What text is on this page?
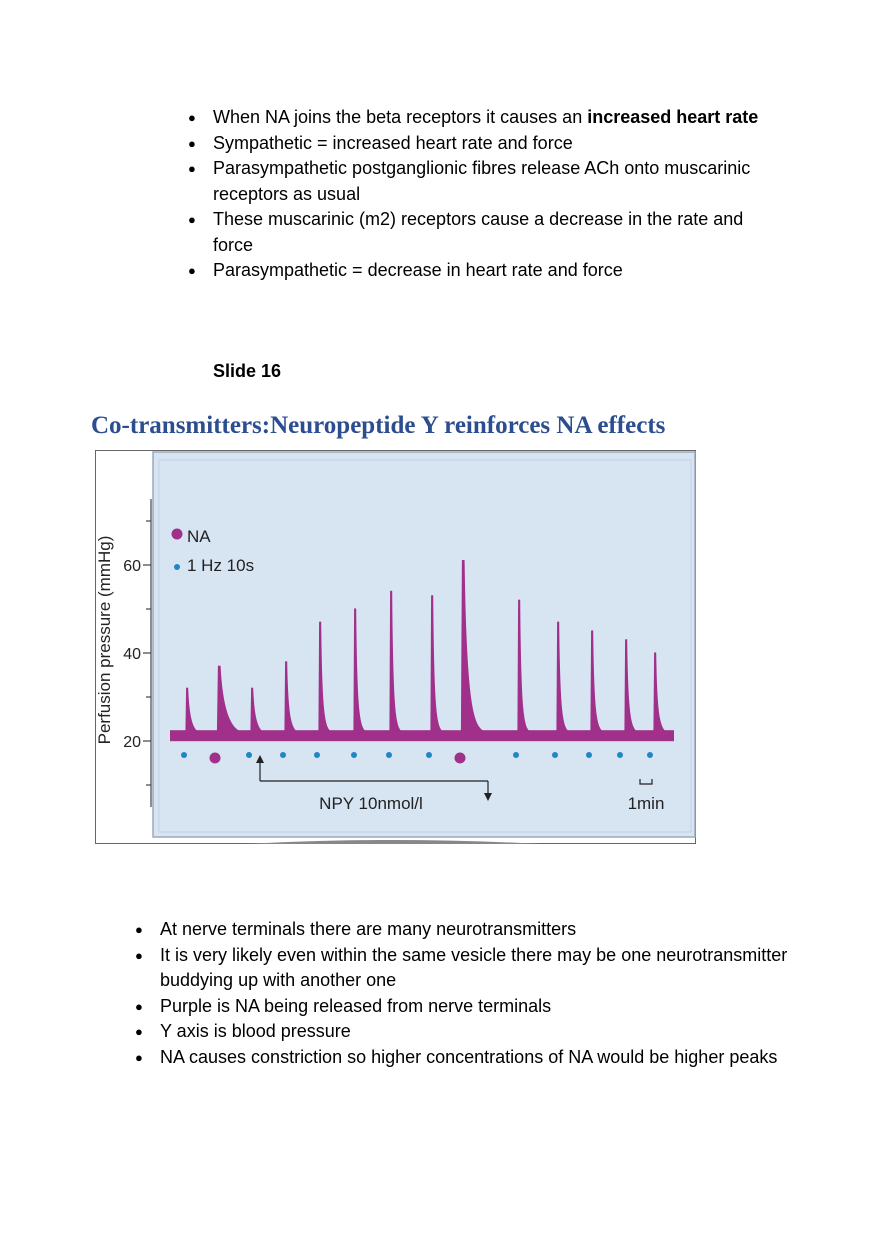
● When NA joins the beta receptors it causes an increased heart rate
● Sympathetic = increased heart rate and force
● Parasympathetic postganglionic fibres release ACh onto muscarinic receptors as usual
● These muscarinic (m2) receptors cause a decrease in the rate and force
● Parasympathetic = decrease in heart rate and force
Slide 16
Co-transmitters:Neuropeptide Y reinforces NA effects
20
40
60
Perfusion pressure (mmHg)	NA
1 Hz 10s
NPY 10nmol/l	1min
● At nerve terminals there are many neurotransmitters
● It is very likely even within the same vesicle there may be one neurotransmitter buddying up with another one
● Purple is NA being released from nerve terminals
● Y axis is blood pressure
● NA causes constriction so higher concentrations of NA would be higher peaks
